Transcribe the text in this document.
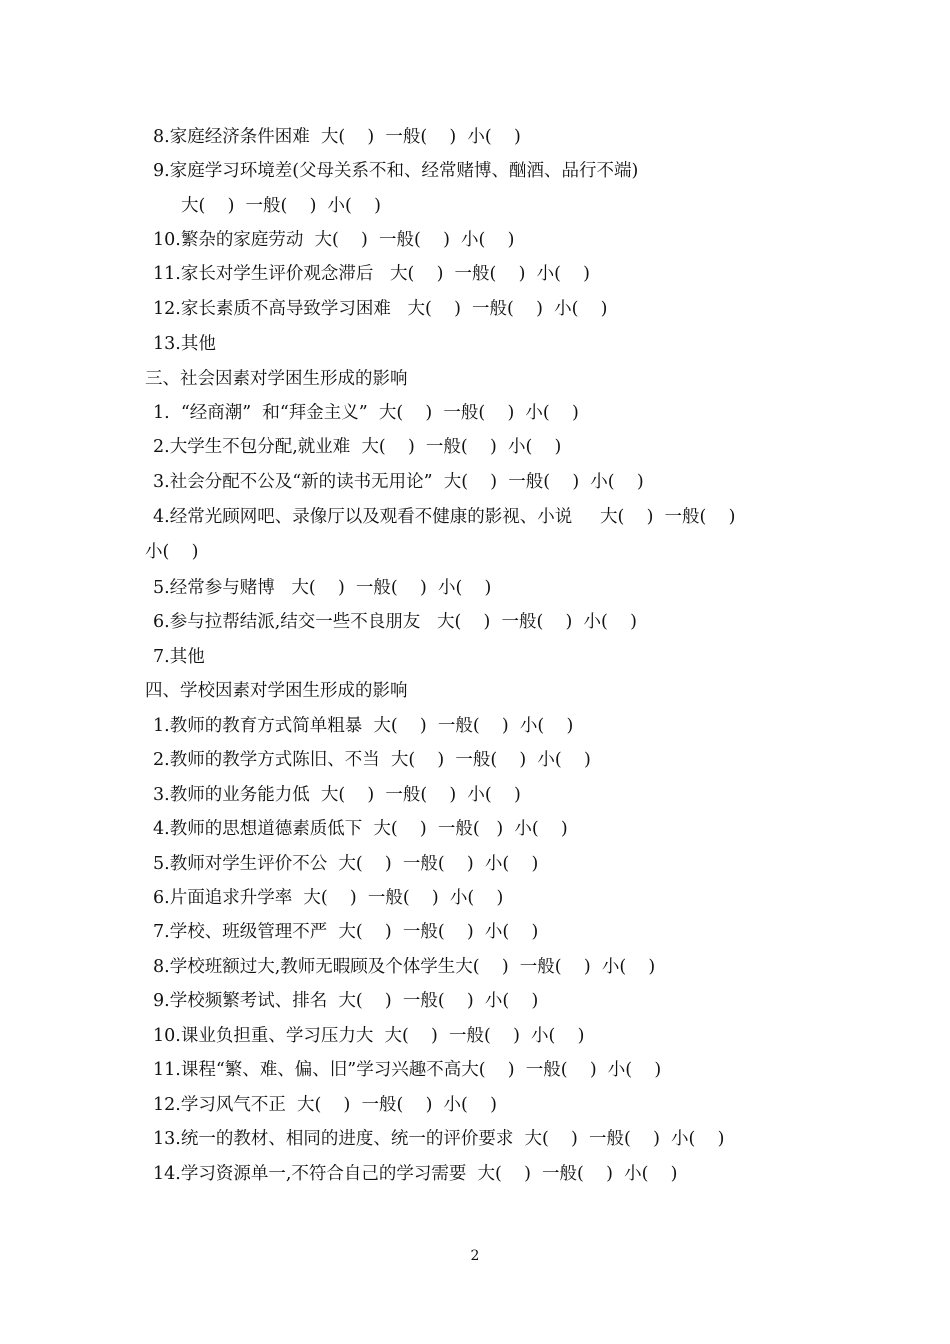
8.家庭经济条件困难  大(    )  一般(    )  小(    )
9.家庭学习环境差(父母关系不和、经常赌博、酗酒、品行不端)
大(    )  一般(    )  小(    )
10.繁杂的家庭劳动  大(    )  一般(    )  小(    )
11.家长对学生评价观念滞后   大(    )  一般(    )  小(    )
12.家长素质不高导致学习困难   大(    )  一般(    )  小(    )
13.其他
三、社会因素对学困生形成的影响
1.  “经商潮”  和“拜金主义”  大(    )  一般(    )  小(    )
2.大学生不包分配,就业难  大(    )  一般(    )  小(    )
3.社会分配不公及“新的读书无用论”  大(    )  一般(    )  小(    )
4.经常光顾网吧、录像厅以及观看不健康的影视、小说     大(    )  一般(    )
小(    )
5.经常参与赌博   大(    )  一般(    )  小(    )
6.参与拉帮结派,结交一些不良朋友   大(    )  一般(    )  小(    )
7.其他
四、学校因素对学困生形成的影响
1.教师的教育方式简单粗暴  大(    )  一般(    )  小(    )
2.教师的教学方式陈旧、不当  大(    )  一般(    )  小(    )
3.教师的业务能力低  大(    )  一般(    )  小(    )
4.教师的思想道德素质低下  大(    )  一般(   )  小(    )
5.教师对学生评价不公  大(    )  一般(    )  小(    )
6.片面追求升学率  大(    )  一般(    )  小(    )
7.学校、班级管理不严  大(    )  一般(    )  小(    )
8.学校班额过大,教师无暇顾及个体学生大(    )  一般(    )  小(    )
9.学校频繁考试、排名  大(    )  一般(    )  小(    )
10.课业负担重、学习压力大  大(    )  一般(    )  小(    )
11.课程“繁、难、偏、旧”学习兴趣不高大(    )  一般(    )  小(    )
12.学习风气不正  大(    )  一般(    )  小(    )
13.统一的教材、相同的进度、统一的评价要求  大(    )  一般(    )  小(    )
14.学习资源单一,不符合自己的学习需要  大(    )  一般(    )  小(    )
2
